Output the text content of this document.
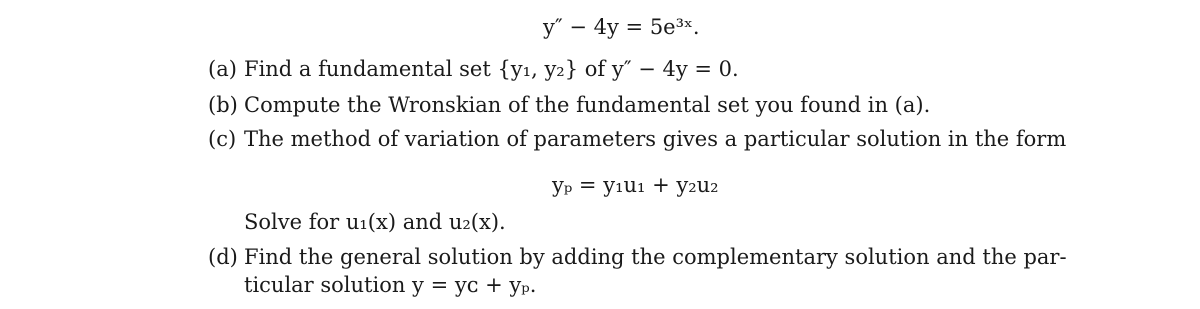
y″ − 4y = 5e³ˣ.
(a) Find a fundamental set {y₁, y₂} of y″ − 4y = 0.
(b) Compute the Wronskian of the fundamental set you found in (a).
(c) The method of variation of parameters gives a particular solution in the form
yₚ = y₁u₁ + y₂u₂
Solve for u₁(x) and u₂(x).
(d) Find the general solution by adding the complementary solution and the par-
ticular solution y = yᴄ + yₚ.
